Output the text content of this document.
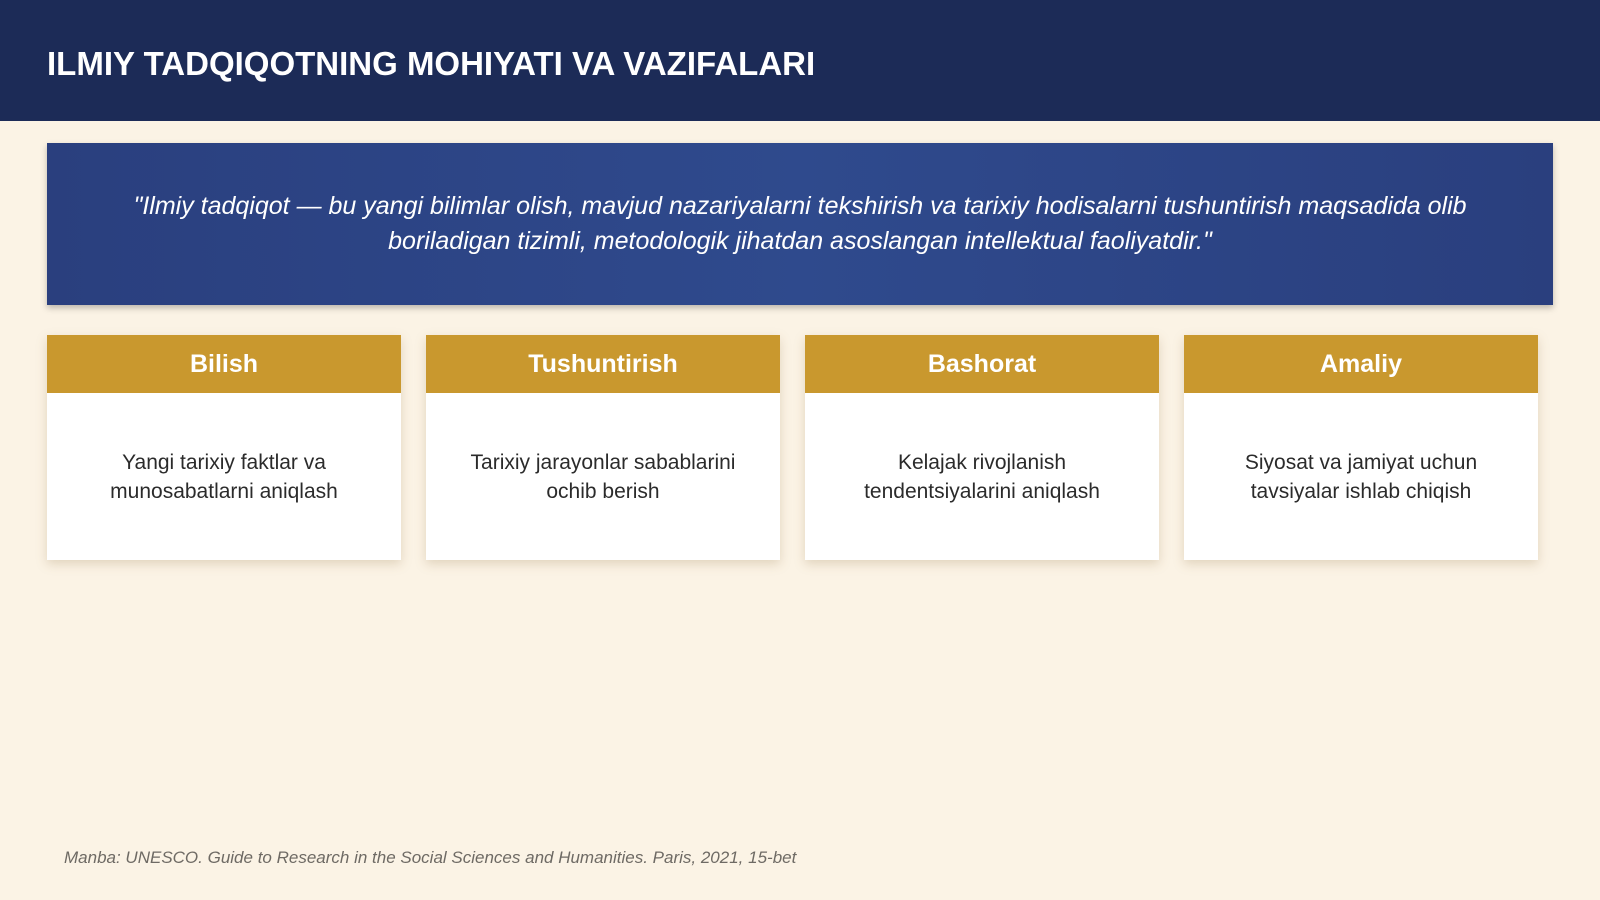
ILMIY TADQIQOTNING MOHIYATI VA VAZIFALARI

"Ilmiy tadqiqot — bu yangi bilimlar olish, mavjud nazariyalarni tekshirish va tarixiy hodisalarni tushuntirish maqsadida olib boriladigan tizimli, metodologik jihatdan asoslangan intellektual faoliyatdir."

Bilish
Yangi tarixiy faktlar va munosabatlarni aniqlash
Tushuntirish
Tarixiy jarayonlar sabablarini ochib berish
Bashorat
Kelajak rivojlanish tendentsiyalarini aniqlash
Amaliy
Siyosat va jamiyat uchun tavsiyalar ishlab chiqish
Manba: UNESCO. Guide to Research in the Social Sciences and Humanities. Paris, 2021, 15-bet
